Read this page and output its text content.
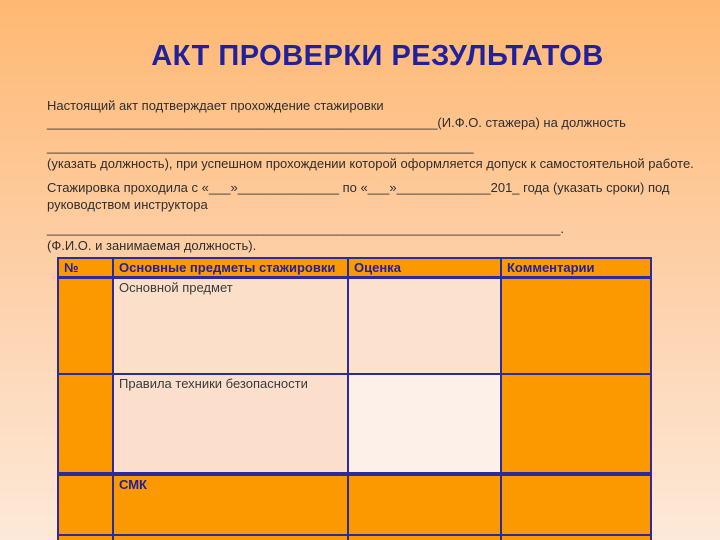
АКТ ПРОВЕРКИ РЕЗУЛЬТАТОВ
Настоящий акт подтверждает прохождение стажировки
______________________________________________________(И.Ф.О. стажера) на должность
___________________________________________________________
(указать должность), при успешном прохождении которой оформляется допуск к самостоятельной работе.
Стажировка проходила с «___»______________ по «___»_____________201_ года (указать сроки) под
руководством инструктора
_______________________________________________________________________.
(Ф.И.О. и занимаемая должность).
№	Основные предметы стажировки	Оценка	Комментарии
	Основной предмет		
	Правила техники безопасности		
	СМК		
